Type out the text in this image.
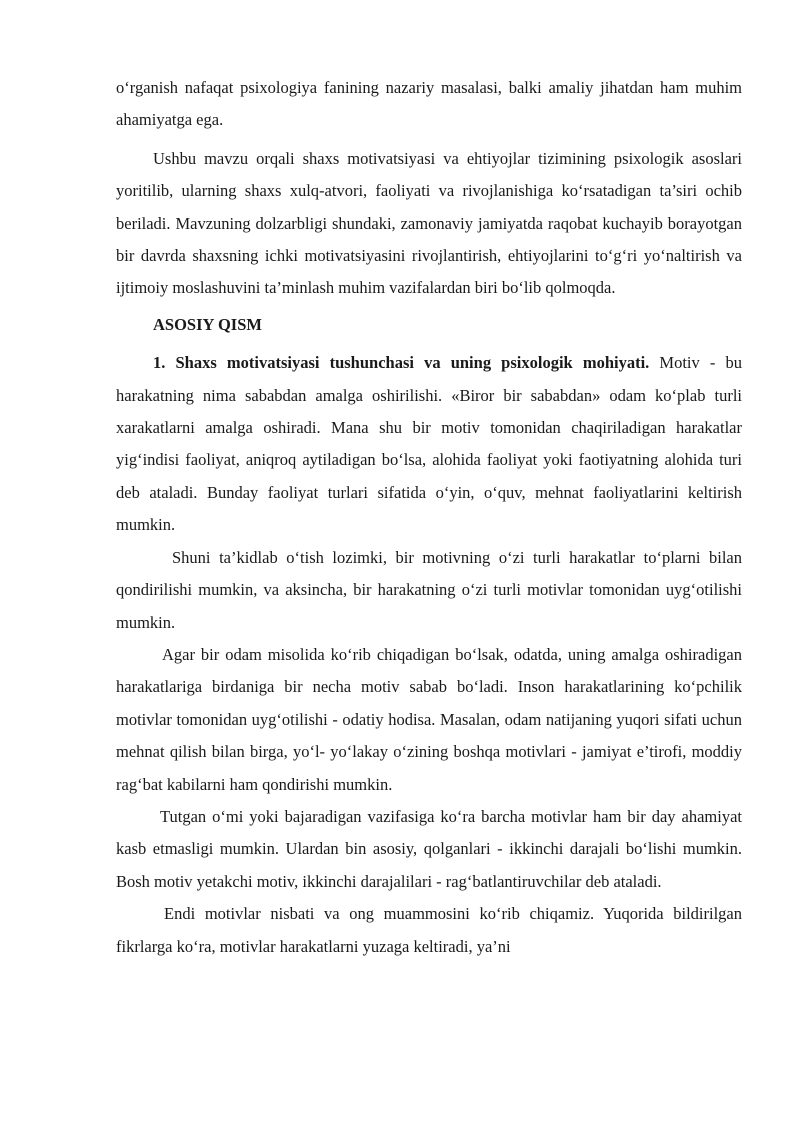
o‘rganish nafaqat psixologiya fanining nazariy masalasi, balki amaliy jihatdan ham muhim ahamiyatga ega.

Ushbu mavzu orqali shaxs motivatsiyasi va ehtiyojlar tizimining psixologik asoslari yoritilib, ularning shaxs xulq-atvori, faoliyati va rivojlanishiga ko‘rsatadigan ta’siri ochib beriladi. Mavzuning dolzarbligi shundaki, zamonaviy jamiyatda raqobat kuchayib borayotgan bir davrda shaxsning ichki motivatsiyasini rivojlantirish, ehtiyojlarini to‘g‘ri yo‘naltirish va ijtimoiy moslashuvini ta’minlash muhim vazifalardan biri bo‘lib qolmoqda.

ASOSIY QISM

1. Shaxs motivatsiyasi tushunchasi va uning psixologik mohiyati. Motiv - bu harakatning nima sababdan amalga oshirilishi. «Biror bir sababdan» odam ko‘plab turli xarakatlarni amalga oshiradi. Mana shu bir motiv tomonidan chaqiriladigan harakatlar yig‘indisi faoliyat, aniqroq aytiladigan bo‘lsa, alohida faoliyat yoki faotiyatning alohida turi deb ataladi. Bunday faoliyat turlari sifatida o‘yin, o‘quv, mehnat faoliyatlarini keltirish mumkin.

Shuni ta’kidlab o‘tish lozimki, bir motivning o‘zi turli harakatlar to‘plarni bilan qondirilishi mumkin, va aksincha, bir harakatning o‘zi turli motivlar tomonidan uyg‘otilishi mumkin.

Agar bir odam misolida ko‘rib chiqadigan bo‘lsak, odatda, uning amalga oshiradigan harakatlariga birdaniga bir necha motiv sabab bo‘ladi. Inson harakatlarining ko‘pchilik motivlar tomonidan uyg‘otilishi - odatiy hodisa. Masalan, odam natijaning yuqori sifati uchun mehnat qilish bilan birga, yo‘l- yo‘lakay o‘zining boshqa motivlari - jamiyat e’tirofi, moddiy rag‘bat kabilarni ham qondirishi mumkin.

Tutgan o‘mi yoki bajaradigan vazifasiga ko‘ra barcha motivlar ham bir day ahamiyat kasb etmasligi mumkin. Ulardan bin asosiy, qolganlari - ikkinchi darajali bo‘lishi mumkin. Bosh motiv yetakchi motiv, ikkinchi darajalilari - rag‘batlantiruvchilar deb ataladi.

Endi motivlar nisbati va ong muammosini ko‘rib chiqamiz. Yuqorida bildirilgan fikrlarga ko‘ra, motivlar harakatlarni yuzaga keltiradi, ya’ni
